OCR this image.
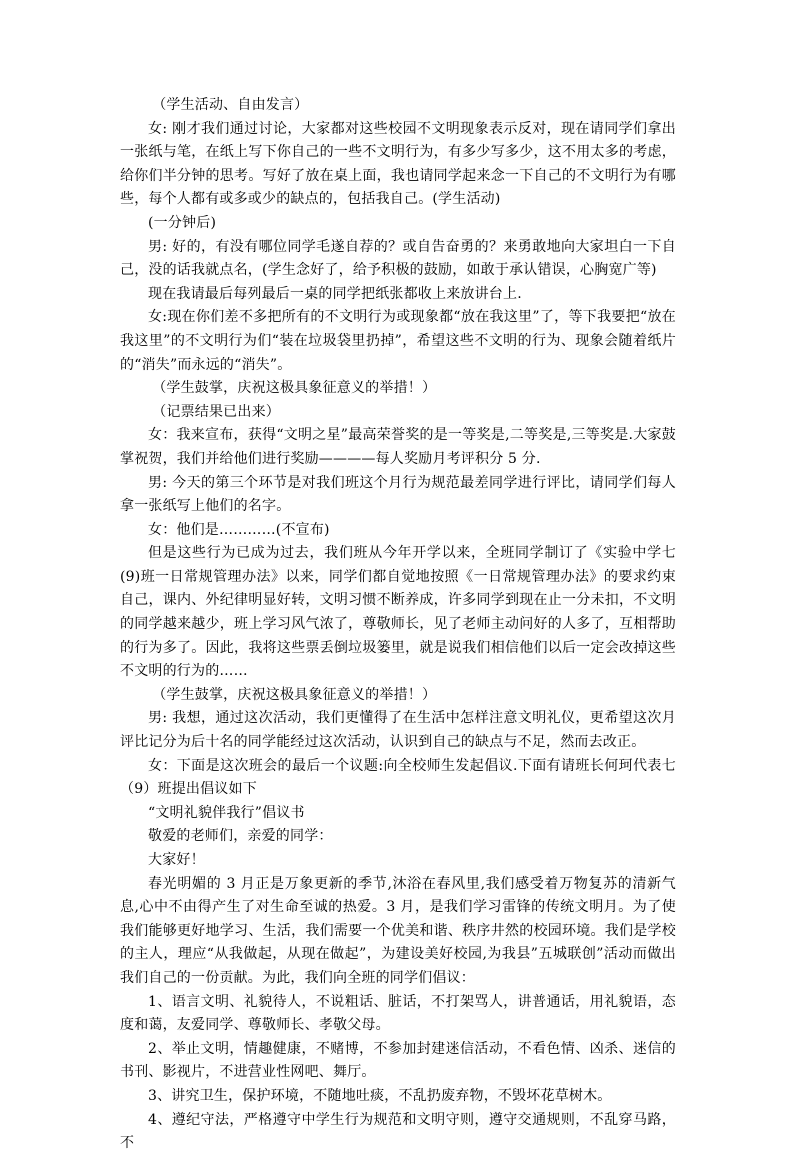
（学生活动、自由发言）

女: 刚才我们通过讨论，大家都对这些校园不文明现象表示反对，现在请同学们拿出一张纸与笔，在纸上写下你自己的一些不文明行为，有多少写多少，这不用太多的考虑，给你们半分钟的思考。写好了放在桌上面，我也请同学起来念一下自己的不文明行为有哪些，每个人都有或多或少的缺点的，包括我自己。(学生活动)

(一分钟后)

男: 好的，有没有哪位同学毛遂自荐的？或自告奋勇的？来勇敢地向大家坦白一下自己，没的话我就点名，(学生念好了，给予积极的鼓励，如敢于承认错误，心胸宽广等)

现在我请最后每列最后一桌的同学把纸张都收上来放讲台上.

女:现在你们差不多把所有的不文明行为或现象都“放在我这里”了，等下我要把“放在我这里”的不文明行为们“装在垃圾袋里扔掉”，希望这些不文明的行为、现象会随着纸片的“消失”而永远的“消失”。

（学生鼓掌，庆祝这极具象征意义的举措！）

（记票结果已出来）

女：我来宣布，获得“文明之星”最高荣誉奖的是一等奖是,二等奖是,三等奖是.大家鼓掌祝贺，我们并给他们进行奖励————每人奖励月考评积分 5 分.

男: 今天的第三个环节是对我们班这个月行为规范最差同学进行评比，请同学们每人拿一张纸写上他们的名字。

女：他们是…………(不宣布)

但是这些行为已成为过去，我们班从今年开学以来，全班同学制订了《实验中学七(9)班一日常规管理办法》以来，同学们都自觉地按照《一日常规管理办法》的要求约束自己，课内、外纪律明显好转，文明习惯不断养成，许多同学到现在止一分未扣，不文明的同学越来越少，班上学习风气浓了，尊敬师长，见了老师主动问好的人多了，互相帮助的行为多了。因此，我将这些票丢倒垃圾篓里，就是说我们相信他们以后一定会改掉这些不文明的行为的……

（学生鼓掌，庆祝这极具象征意义的举措！）

男: 我想，通过这次活动，我们更懂得了在生活中怎样注意文明礼仪，更希望这次月评比记分为后十名的同学能经过这次活动，认识到自己的缺点与不足，然而去改正。

女：下面是这次班会的最后一个议题:向全校师生发起倡议.下面有请班长何珂代表七（9）班提出倡议如下

“文明礼貌伴我行”倡议书

敬爱的老师们，亲爱的同学：

大家好！

春光明媚的 3 月正是万象更新的季节,沐浴在春风里,我们感受着万物复苏的清新气息,心中不由得产生了对生命至诚的热爱。3 月，是我们学习雷锋的传统文明月。为了使我们能够更好地学习、生活，我们需要一个优美和谐、秩序井然的校园环境。我们是学校的主人，理应“从我做起，从现在做起”，为建设美好校园,为我县”五城联创”活动而做出我们自己的一份贡献。为此，我们向全班的同学们倡议：

1、语言文明、礼貌待人，不说粗话、脏话，不打架骂人，讲普通话，用礼貌语，态度和蔼，友爱同学、尊敬师长、孝敬父母。

2、举止文明，情趣健康，不赌博，不参加封建迷信活动，不看色情、凶杀、迷信的书刊、影视片，不进营业性网吧、舞厅。

3、讲究卫生，保护环境，不随地吐痰，不乱扔废弃物，不毁坏花草树木。

4、遵纪守法，严格遵守中学生行为规范和文明守则，遵守交通规则，不乱穿马路，不
